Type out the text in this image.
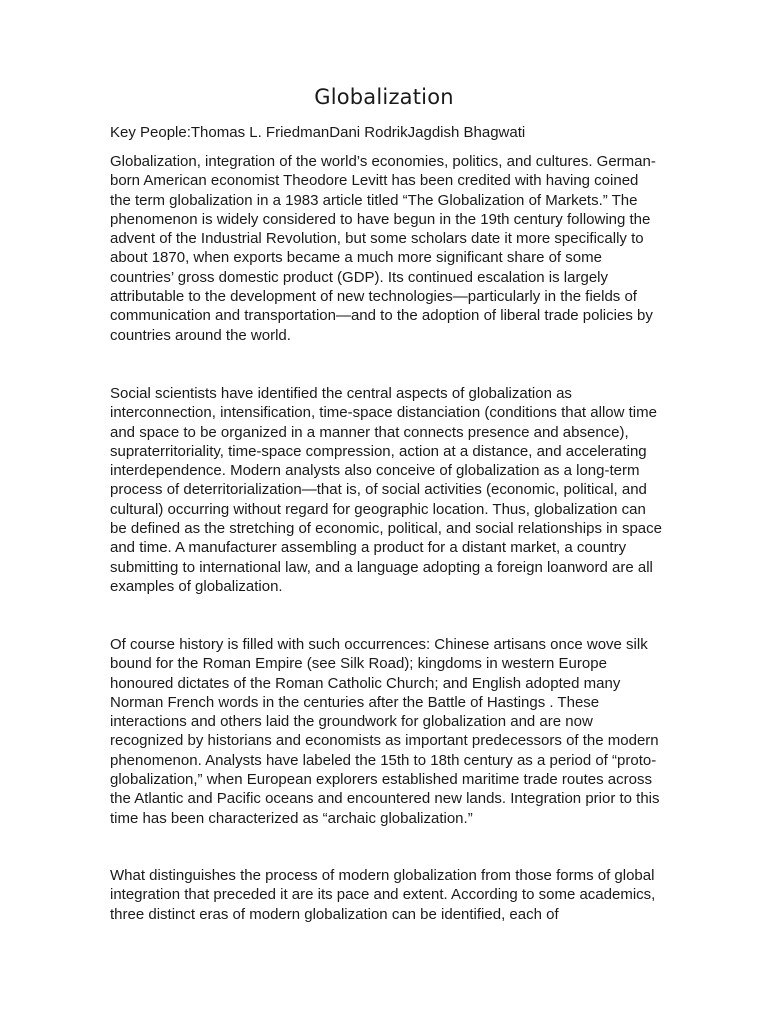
Globalization
Key People:Thomas L. FriedmanDani RodrikJagdish Bhagwati

Globalization, integration of the world’s economies, politics, and cultures. German-born American economist Theodore Levitt has been credited with having coined the term globalization in a 1983 article titled “The Globalization of Markets.” The phenomenon is widely considered to have begun in the 19th century following the advent of the Industrial Revolution, but some scholars date it more specifically to about 1870, when exports became a much more significant share of some countries’ gross domestic product (GDP). Its continued escalation is largely attributable to the development of new technologies—particularly in the fields of communication and transportation—and to the adoption of liberal trade policies by countries around the world.

Social scientists have identified the central aspects of globalization as interconnection, intensification, time-space distanciation (conditions that allow time and space to be organized in a manner that connects presence and absence), supraterritoriality, time-space compression, action at a distance, and accelerating interdependence. Modern analysts also conceive of globalization as a long-term process of deterritorialization—that is, of social activities (economic, political, and cultural) occurring without regard for geographic location. Thus, globalization can be defined as the stretching of economic, political, and social relationships in space and time. A manufacturer assembling a product for a distant market, a country submitting to international law, and a language adopting a foreign loanword are all examples of globalization.

Of course history is filled with such occurrences: Chinese artisans once wove silk bound for the Roman Empire (see Silk Road); kingdoms in western Europe honoured dictates of the Roman Catholic Church; and English adopted many Norman French words in the centuries after the Battle of Hastings . These interactions and others laid the groundwork for globalization and are now recognized by historians and economists as important predecessors of the modern phenomenon. Analysts have labeled the 15th to 18th century as a period of “proto-globalization,” when European explorers established maritime trade routes across the Atlantic and Pacific oceans and encountered new lands. Integration prior to this time has been characterized as “archaic globalization.”

What distinguishes the process of modern globalization from those forms of global integration that preceded it are its pace and extent. According to some academics, three distinct eras of modern globalization can be identified, each of
